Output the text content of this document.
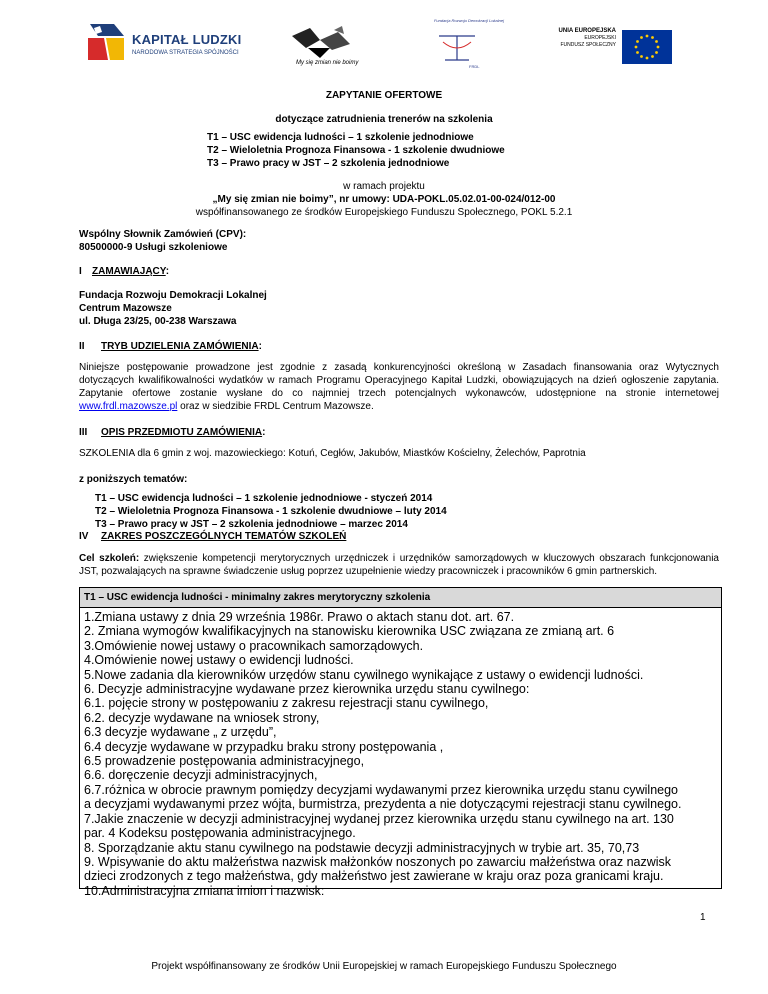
KAPITAŁ LUDZKI
NARODOWA STRATEGIA SPÓJNOŚCI
My się zmian nie boimy
Fundacja Rozwoju Demokracji Lokalnej
FRDL
UNIA EUROPEJSKA
EUROPEJSKI
FUNDUSZ SPOŁECZNY
ZAPYTANIE OFERTOWE
dotyczące zatrudnienia trenerów na szkolenia
T1 – USC ewidencja ludności – 1 szkolenie jednodniowe
T2 – Wieloletnia Prognoza Finansowa - 1 szkolenie dwudniowe
T3 – Prawo pracy w JST – 2 szkolenia jednodniowe
w ramach projektu
„My się zmian nie boimy”, nr umowy: UDA-POKL.05.02.01-00-024/012-00
współfinansowanego ze środków Europejskiego Funduszu Społecznego, POKL 5.2.1
Wspólny Słownik Zamówień (CPV):
80500000-9 Usługi szkoleniowe
I ZAMAWIAJĄCY:
Fundacja Rozwoju Demokracji Lokalnej
Centrum Mazowsze
ul. Długa 23/25, 00-238 Warszawa
II TRYB UDZIELENIA ZAMÓWIENIA:
Niniejsze postępowanie prowadzone jest zgodnie z zasadą konkurencyjności określoną w Zasadach finansowania oraz Wytycznych dotyczących kwalifikowalności wydatków w ramach Programu Operacyjnego Kapitał Ludzki, obowiązujących na dzień ogłoszenie zapytania. Zapytanie ofertowe zostanie wysłane do co najmniej trzech potencjalnych wykonawców, udostępnione na stronie internetowej www.frdl.mazowsze.pl oraz w siedzibie FRDL Centrum Mazowsze.
III OPIS PRZEDMIOTU ZAMÓWIENIA:
SZKOLENIA dla 6 gmin z woj. mazowieckiego: Kotuń, Cegłów, Jakubów, Miastków Kościelny, Żelechów, Paprotnia
z poniższych tematów:
T1 – USC ewidencja ludności – 1 szkolenie jednodniowe - styczeń 2014
T2 – Wieloletnia Prognoza Finansowa - 1 szkolenie dwudniowe – luty 2014
T3 – Prawo pracy w JST – 2 szkolenia jednodniowe – marzec 2014
IV ZAKRES POSZCZEGÓLNYCH TEMATÓW SZKOLEŃ
Cel szkoleń: zwiększenie kompetencji merytorycznych urzędniczek i urzędników samorządowych w kluczowych obszarach funkcjonowania JST, pozwalających na sprawne świadczenie usług poprzez uzupełnienie wiedzy pracowniczek i pracowników 6 gmin partnerskich.
T1 – USC ewidencja ludności - minimalny zakres merytoryczny szkolenia
1.Zmiana ustawy z dnia 29 września 1986r. Prawo o aktach stanu dot. art. 67.
2. Zmiana wymogów kwalifikacyjnych na stanowisku kierownika USC związana ze zmianą art. 6
3.Omówienie nowej ustawy o pracownikach samorządowych.
4.Omówienie nowej ustawy o ewidencji ludności.
5.Nowe zadania dla kierowników urzędów stanu cywilnego wynikające z ustawy o ewidencji ludności.
6. Decyzje administracyjne wydawane przez kierownika urzędu stanu cywilnego:
6.1. pojęcie strony w postępowaniu z zakresu rejestracji stanu cywilnego,
6.2. decyzje wydawane na wniosek strony,
6.3 decyzje wydawane „ z urzędu”,
6.4 decyzje wydawane w przypadku braku strony postępowania ,
6.5 prowadzenie postępowania administracyjnego,
6.6. doręczenie decyzji administracyjnych,
6.7.różnica w obrocie prawnym pomiędzy decyzjami wydawanymi przez kierownika urzędu stanu cywilnego
a decyzjami wydawanymi przez wójta, burmistrza, prezydenta a nie dotyczącymi rejestracji stanu cywilnego.
7.Jakie znaczenie w decyzji administracyjnej wydanej przez kierownika urzędu stanu cywilnego na art. 130
par. 4 Kodeksu postępowania administracyjnego.
8. Sporządzanie aktu stanu cywilnego na podstawie decyzji administracyjnych w trybie art. 35, 70,73
9. Wpisywanie do aktu małżeństwa nazwisk małżonków noszonych po zawarciu małżeństwa oraz nazwisk
dzieci zrodzonych z tego małżeństwa, gdy małżeństwo jest zawierane w kraju oraz poza granicami kraju.
10.Administracyjna zmiana imion i nazwisk:
1
Projekt współfinansowany ze środków Unii Europejskiej w ramach Europejskiego Funduszu Społecznego
